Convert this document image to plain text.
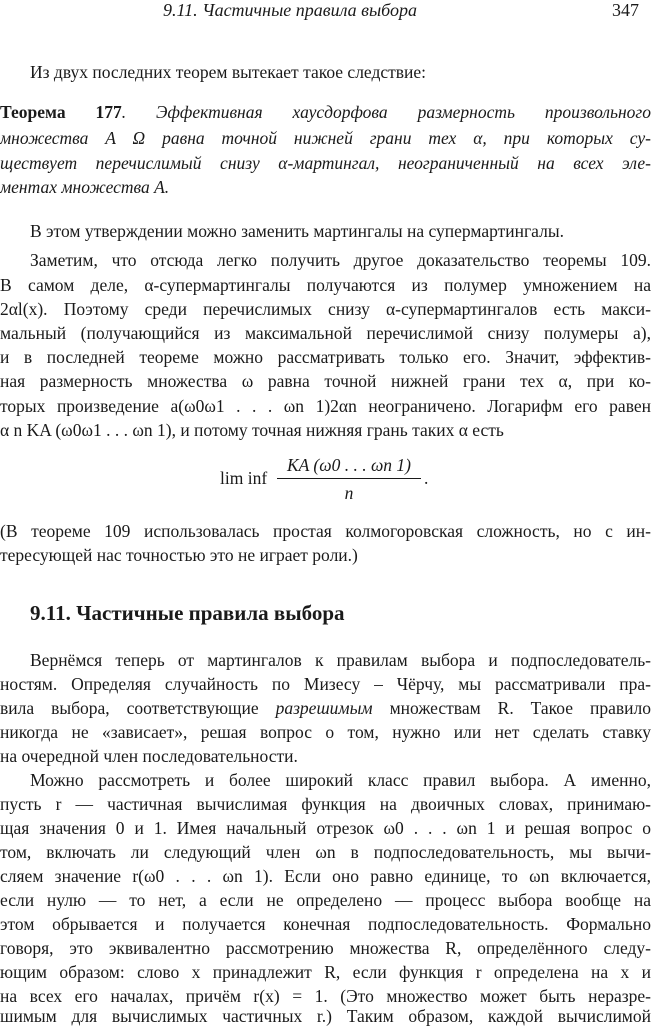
9.11. Частичные правила выбора	347
Из двух последних теорем вытекает такое следствие:
Теорема 177. Эффективная хаусдорфова размерность произвольного
множества A Ω равна точной нижней грани тех α, при которых су-
ществует перечислимый снизу α-мартингал, неограниченный на всех эле-
ментах множества A.
В этом утверждении можно заменить мартингалы на супермартингалы.
Заметим, что отсюда легко получить другое доказательство теоремы 109.
В самом деле, α-супермартингалы получаются из полумер умножением на
2αl(x). Поэтому среди перечислимых снизу α-супермартингалов есть макси-
мальный (получающийся из максимальной перечислимой снизу полумеры a),
и в последней теореме можно рассматривать только его. Значит, эффектив-
ная размерность множества ω равна точной нижней грани тех α, при ко-
торых произведение a(ω0ω1 . . . ωn 1)2αn неограничено. Логарифм его равен
α n KA (ω0ω1 . . . ωn 1), и потому точная нижняя грань таких α есть
lim inf
KA (ω0 . . . ωn 1)
n
.
(В теореме 109 использовалась простая колмогоровская сложность, но с ин-
тересующей нас точностью это не играет роли.)
9.11. Частичные правила выбора
Вернёмся теперь от мартингалов к правилам выбора и подпоследователь-
ностям. Определяя случайность по Мизесу – Чёрчу, мы рассматривали пра-
вила выбора, соответствующие разрешимым множествам R. Такое правило
никогда не «зависает», решая вопрос о том, нужно или нет сделать ставку
на очередной член последовательности.
Можно рассмотреть и более широкий класс правил выбора. А именно,
пусть r — частичная вычислимая функция на двоичных словах, принимаю-
щая значения 0 и 1. Имея начальный отрезок ω0 . . . ωn 1 и решая вопрос о
том, включать ли следующий член ωn в подпоследовательность, мы вычи-
сляем значение r(ω0 . . . ωn 1). Если оно равно единице, то ωn включается,
если нулю — то нет, а если не определено — процесс выбора вообще на
этом обрывается и получается конечная подпоследовательность. Формально
говоря, это эквивалентно рассмотрению множества R, определённого следу-
ющим образом: слово x принадлежит R, если функция r определена на x и
на всех его началах, причём r(x) = 1. (Это множество может быть неразре-
шимым для вычислимых частичных r.) Таким образом, каждой вычислимой
